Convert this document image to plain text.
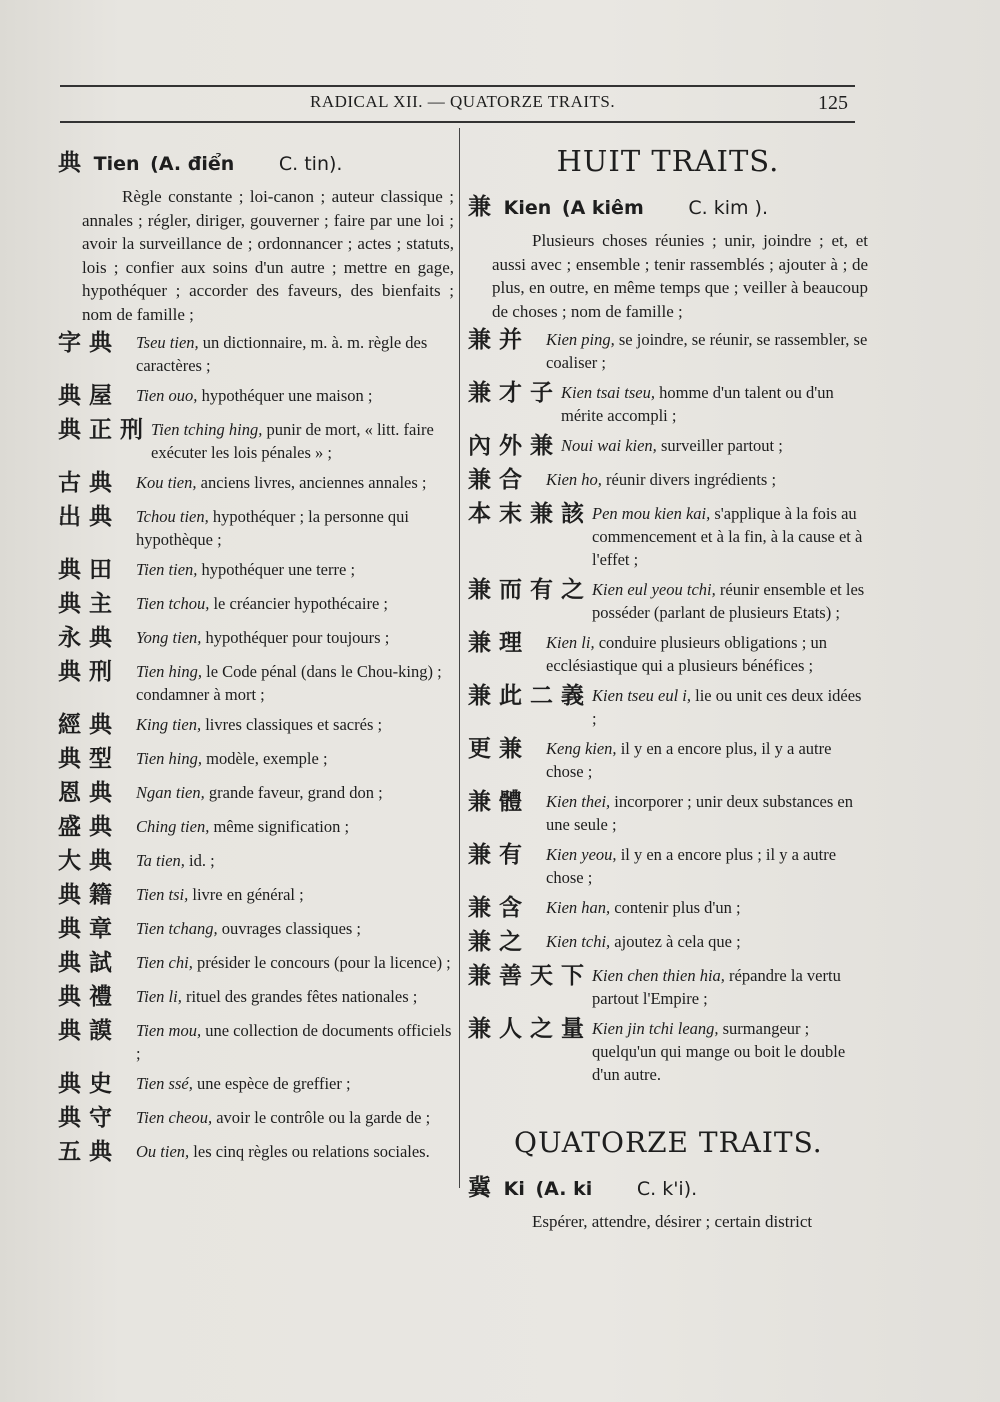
RADICAL XII. — QUATORZE TRAITS.	125
典 Tien (A. điển C. tin).
Règle constante ; loi-canon ; auteur classique ; annales ; régler, diriger, gouverner ; faire par une loi ; avoir la surveillance de ; ordonnancer ; actes ; statuts, lois ; confier aux soins d'un autre ; mettre en gage, hypothéquer ; accorder des faveurs, des bienfaits ; nom de famille ;
字 典	Tseu tien, un dictionnaire, m. à. m. règle des caractères ;
典 屋	Tien ouo, hypothéquer une maison ;
典 正 刑 Tien tching hing, punir de mort, « litt. faire exécuter les lois pénales » ;
古 典	Kou tien, anciens livres, anciennes annales ;
出 典	Tchou tien, hypothéquer ; la personne qui hypothèque ;
典 田	Tien tien, hypothéquer une terre ;
典 主	Tien tchou, le créancier hypothécaire ;
永 典	Yong tien, hypothéquer pour toujours ;
典 刑	Tien hing, le Code pénal (dans le Chou-king) ; condamner à mort ;
經 典	King tien, livres classiques et sacrés ;
典 型	Tien hing, modèle, exemple ;
恩 典	Ngan tien, grande faveur, grand don ;
盛 典	Ching tien, même signification ;
大 典	Ta tien, id. ;
典 籍	Tien tsi, livre en général ;
典 章	Tien tchang, ouvrages classiques ;
典 試	Tien chi, présider le concours (pour la licence) ;
典 禮	Tien li, rituel des grandes fêtes nationales ;
典 謨	Tien mou, une collection de documents officiels ;
典 史	Tien ssé, une espèce de greffier ;
典 守	Tien cheou, avoir le contrôle ou la garde de ;
五 典	Ou tien, les cinq règles ou relations sociales.
HUIT TRAITS.
兼 Kien (A kiêm C. kim ).
Plusieurs choses réunies ; unir, joindre ; et, et aussi avec ; ensemble ; tenir rassemblés ; ajouter à ; de plus, en outre, en même temps que ; veiller à beaucoup de choses ; nom de famille ;
兼 并	Kien ping, se joindre, se réunir, se rassembler, se coaliser ;
兼 才 子 Kien tsai tseu, homme d'un talent ou d'un mérite accompli ;
內 外 兼 Noui wai kien, surveiller partout ;
兼 合	Kien ho, réunir divers ingrédients ;
本 末 兼 該 Pen mou kien kai, s'applique à la fois au commencement et à la fin, à la cause et à l'effet ;
兼 而 有 之 Kien eul yeou tchi, réunir ensemble et les posséder (parlant de plusieurs Etats) ;
兼 理	Kien li, conduire plusieurs obligations ; un ecclésiastique qui a plusieurs bénéfices ;
兼 此 二 義 Kien tseu eul i, lie ou unit ces deux idées ;
更 兼	Keng kien, il y en a encore plus, il y a autre chose ;
兼 體	Kien thei, incorporer ; unir deux substances en une seule ;
兼 有	Kien yeou, il y en a encore plus ; il y a autre chose ;
兼 含	Kien han, contenir plus d'un ;
兼 之	Kien tchi, ajoutez à cela que ;
兼 善 天 下 Kien chen thien hia, répandre la vertu partout l'Empire ;
兼 人 之 量 Kien jin tchi leang, surmangeur ; quelqu'un qui mange ou boit le double d'un autre.
QUATORZE TRAITS.
冀 Ki (A. ki C. k'i).
Espérer, attendre, désirer ; certain district
